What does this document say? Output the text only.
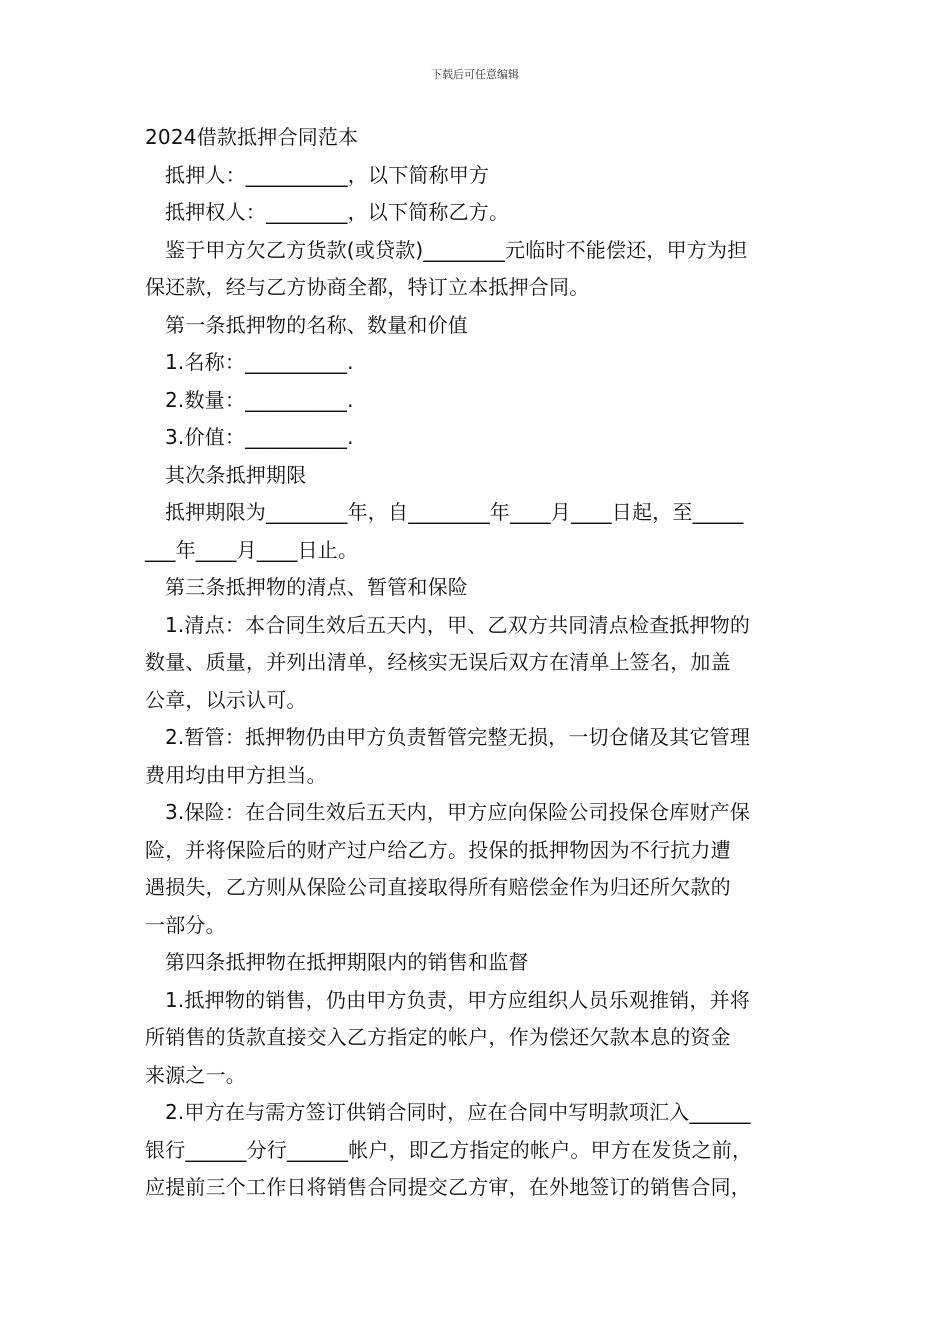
下载后可任意编辑
2024借款抵押合同范本
抵押人：__________，以下简称甲方
抵押权人：________，以下简称乙方。
鉴于甲方欠乙方货款(或贷款)________元临时不能偿还，甲方为担
保还款，经与乙方协商全都，特订立本抵押合同。
第一条抵押物的名称、数量和价值
1.名称：__________.
2.数量：__________.
3.价值：__________.
其次条抵押期限
抵押期限为________年，自________年____月____日起，至_____
___年____月____日止。
第三条抵押物的清点、暂管和保险
1.清点：本合同生效后五天内，甲、乙双方共同清点检查抵押物的
数量、质量，并列出清单，经核实无误后双方在清单上签名，加盖
公章，以示认可。
2.暂管：抵押物仍由甲方负责暂管完整无损，一切仓储及其它管理
费用均由甲方担当。
3.保险：在合同生效后五天内，甲方应向保险公司投保仓库财产保
险，并将保险后的财产过户给乙方。投保的抵押物因为不行抗力遭
遇损失，乙方则从保险公司直接取得所有赔偿金作为归还所欠款的
一部分。
第四条抵押物在抵押期限内的销售和监督
1.抵押物的销售，仍由甲方负责，甲方应组织人员乐观推销，并将
所销售的货款直接交入乙方指定的帐户，作为偿还欠款本息的资金
来源之一。
2.甲方在与需方签订供销合同时，应在合同中写明款项汇入______
银行______分行______帐户，即乙方指定的帐户。甲方在发货之前，
应提前三个工作日将销售合同提交乙方审，在外地签订的销售合同，
